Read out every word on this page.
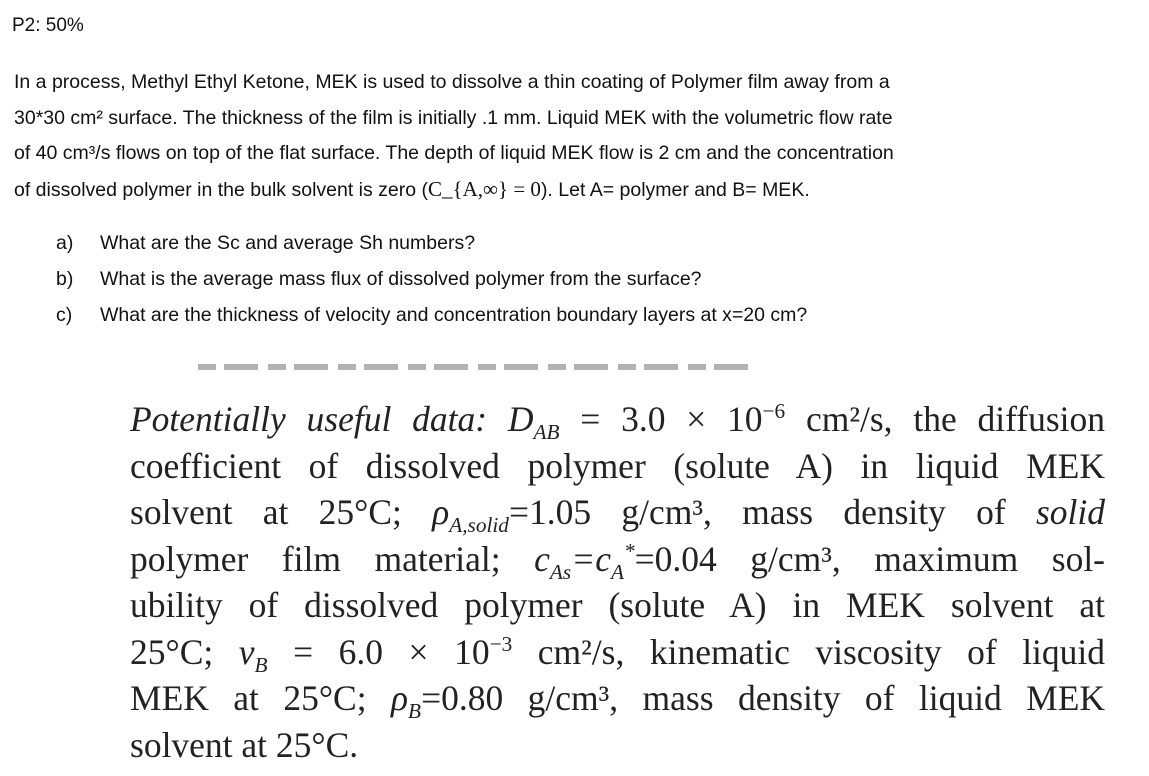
P2: 50%
In a process, Methyl Ethyl Ketone, MEK is used to dissolve a thin coating of Polymer film away from a
30*30 cm² surface. The thickness of the film is initially .1 mm. Liquid MEK with the volumetric flow rate
of 40 cm³/s flows on top of the flat surface. The depth of liquid MEK flow is 2 cm and the concentration
of dissolved polymer in the bulk solvent is zero (C_{A,∞} = 0). Let A= polymer and B= MEK.
a)	What are the Sc and average Sh numbers?
b)	What is the average mass flux of dissolved polymer from the surface?
c)	What are the thickness of velocity and concentration boundary layers at x=20 cm?
Potentially useful data: $D_{AB} = 3.0 \times 10^{-6}$ cm²/s, the diffusion
coefficient of dissolved polymer (solute A) in liquid MEK
solvent at 25°C; $\rho_{A,solid}=1.05$ g/cm³, mass density of solid
polymer film material; $c_{As}=c_A^*=0.04$ g/cm³, maximum sol-
ubility of dissolved polymer (solute A) in MEK solvent at
25°C; $\nu_B = 6.0 \times 10^{-3}$ cm²/s, kinematic viscosity of liquid
MEK at 25°C; $\rho_B=0.80$ g/cm³, mass density of liquid MEK
solvent at 25°C.
